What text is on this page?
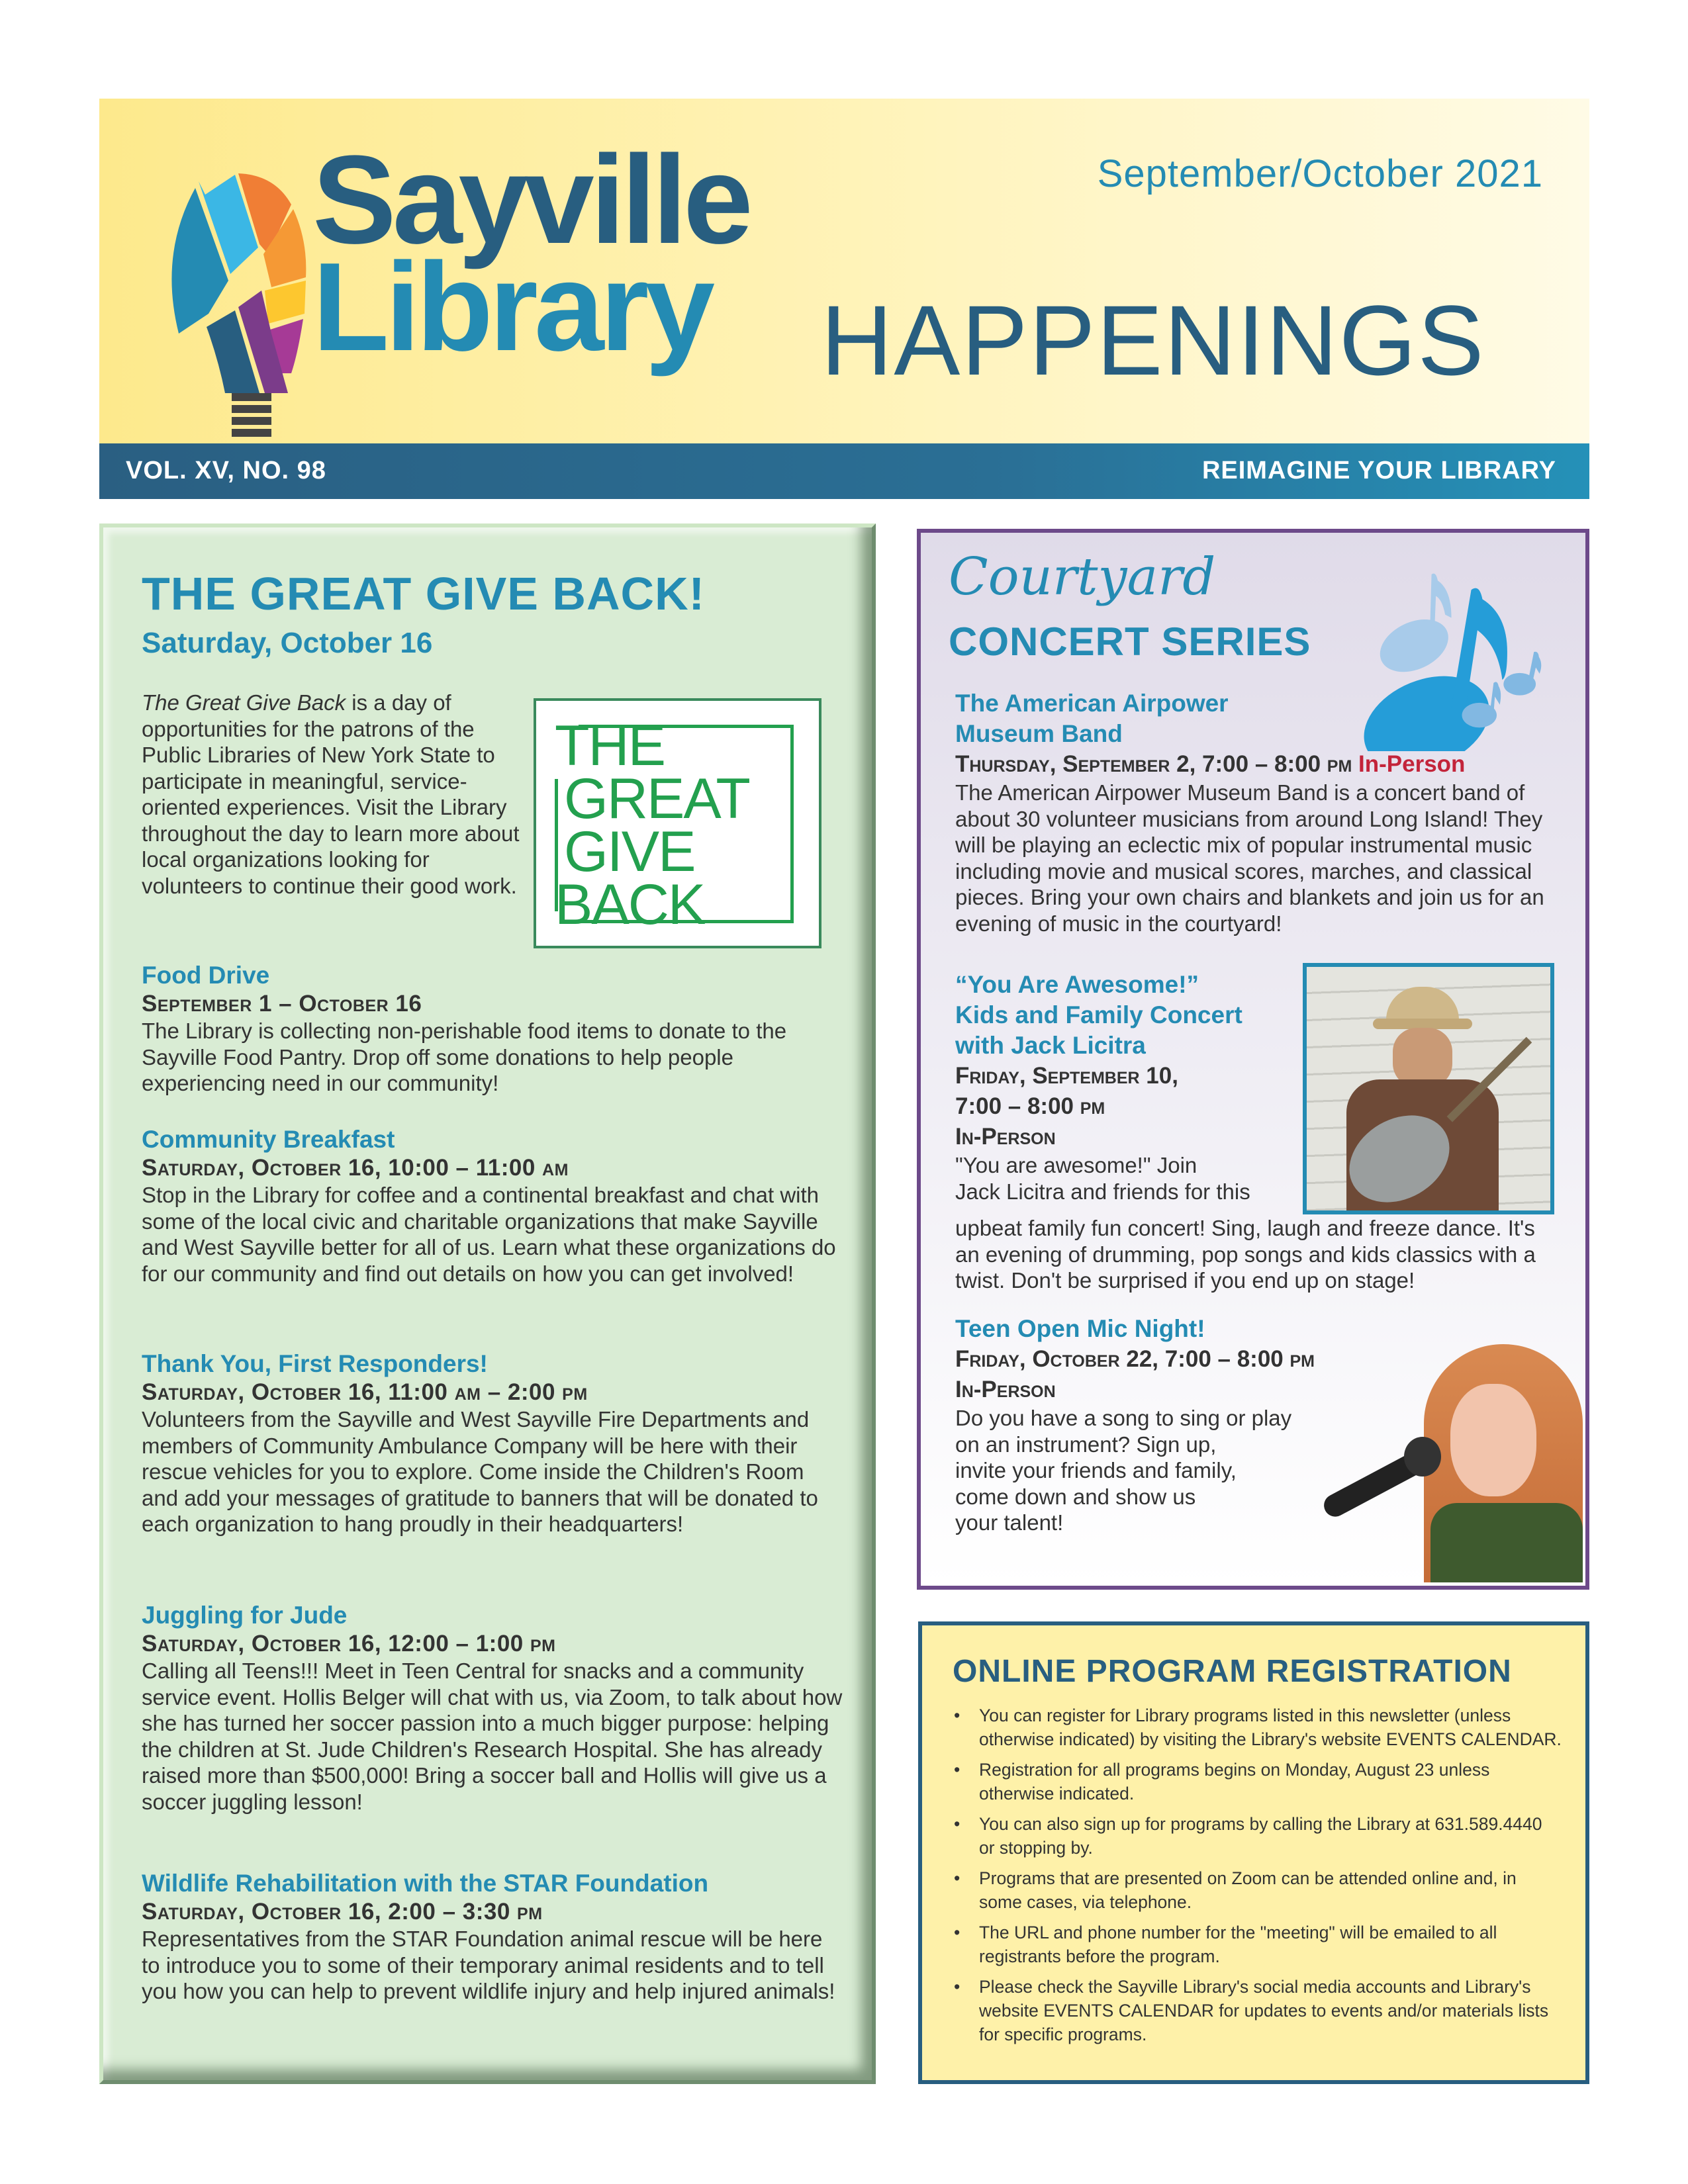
Sayville
Library HAPPENINGS
September/October 2021
VOL. XV, NO. 98	REIMAGINE YOUR LIBRARY
THE GREAT GIVE BACK!
Saturday, October 16
The Great Give Back is a day of opportunities for the patrons of the Public Libraries of New York State to participate in meaningful, service-oriented experiences. Visit the Library throughout the day to learn more about local organizations looking for volunteers to continue their good work.
THE
GREAT
GIVE
BACK
Food Drive
September 1 – October 16
The Library is collecting non-perishable food items to donate to the Sayville Food Pantry. Drop off some donations to help people experiencing need in our community!
Community Breakfast
Saturday, October 16, 10:00 – 11:00 am
Stop in the Library for coffee and a continental breakfast and chat with some of the local civic and charitable organizations that make Sayville and West Sayville better for all of us. Learn what these organizations do for our community and find out details on how you can get involved!
Thank You, First Responders!
Saturday, October 16, 11:00 am – 2:00 pm
Volunteers from the Sayville and West Sayville Fire Departments and members of Community Ambulance Company will be here with their rescue vehicles for you to explore. Come inside the Children's Room and add your messages of gratitude to banners that will be donated to each organization to hang proudly in their headquarters!
Juggling for Jude
Saturday, October 16, 12:00 – 1:00 pm
Calling all Teens!!! Meet in Teen Central for snacks and a community service event. Hollis Belger will chat with us, via Zoom, to talk about how she has turned her soccer passion into a much bigger purpose: helping the children at St. Jude Children's Research Hospital. She has already raised more than $500,000! Bring a soccer ball and Hollis will give us a soccer juggling lesson!
Wildlife Rehabilitation with the STAR Foundation
Saturday, October 16, 2:00 – 3:30 pm
Representatives from the STAR Foundation animal rescue will be here to introduce you to some of their temporary animal residents and to tell you how you can help to prevent wildlife injury and help injured animals!
Courtyard
CONCERT SERIES
The American Airpower
Museum Band
Thursday, September 2, 7:00 – 8:00 pm In-Person
The American Airpower Museum Band is a concert band of about 30 volunteer musicians from around Long Island! They will be playing an eclectic mix of popular instrumental music including movie and musical scores, marches, and classical pieces. Bring your own chairs and blankets and join us for an evening of music in the courtyard!
“You Are Awesome!”
Kids and Family Concert
with Jack Licitra
Friday, September 10,
7:00 – 8:00 pm
In-Person
"You are awesome!" Join
Jack Licitra and friends for this
upbeat family fun concert! Sing, laugh and freeze dance. It's an evening of drumming, pop songs and kids classics with a twist. Don't be surprised if you end up on stage!
Teen Open Mic Night!
Friday, October 22, 7:00 – 8:00 pm
In-Person
Do you have a song to sing or play
on an instrument? Sign up,
invite your friends and family,
come down and show us
your talent!
ONLINE PROGRAM REGISTRATION
• You can register for Library programs listed in this newsletter (unless otherwise indicated) by visiting the Library's website EVENTS CALENDAR.
• Registration for all programs begins on Monday, August 23 unless otherwise indicated.
• You can also sign up for programs by calling the Library at 631.589.4440 or stopping by.
• Programs that are presented on Zoom can be attended online and, in some cases, via telephone.
• The URL and phone number for the "meeting" will be emailed to all registrants before the program.
• Please check the Sayville Library's social media accounts and Library's website EVENTS CALENDAR for updates to events and/or materials lists for specific programs.
